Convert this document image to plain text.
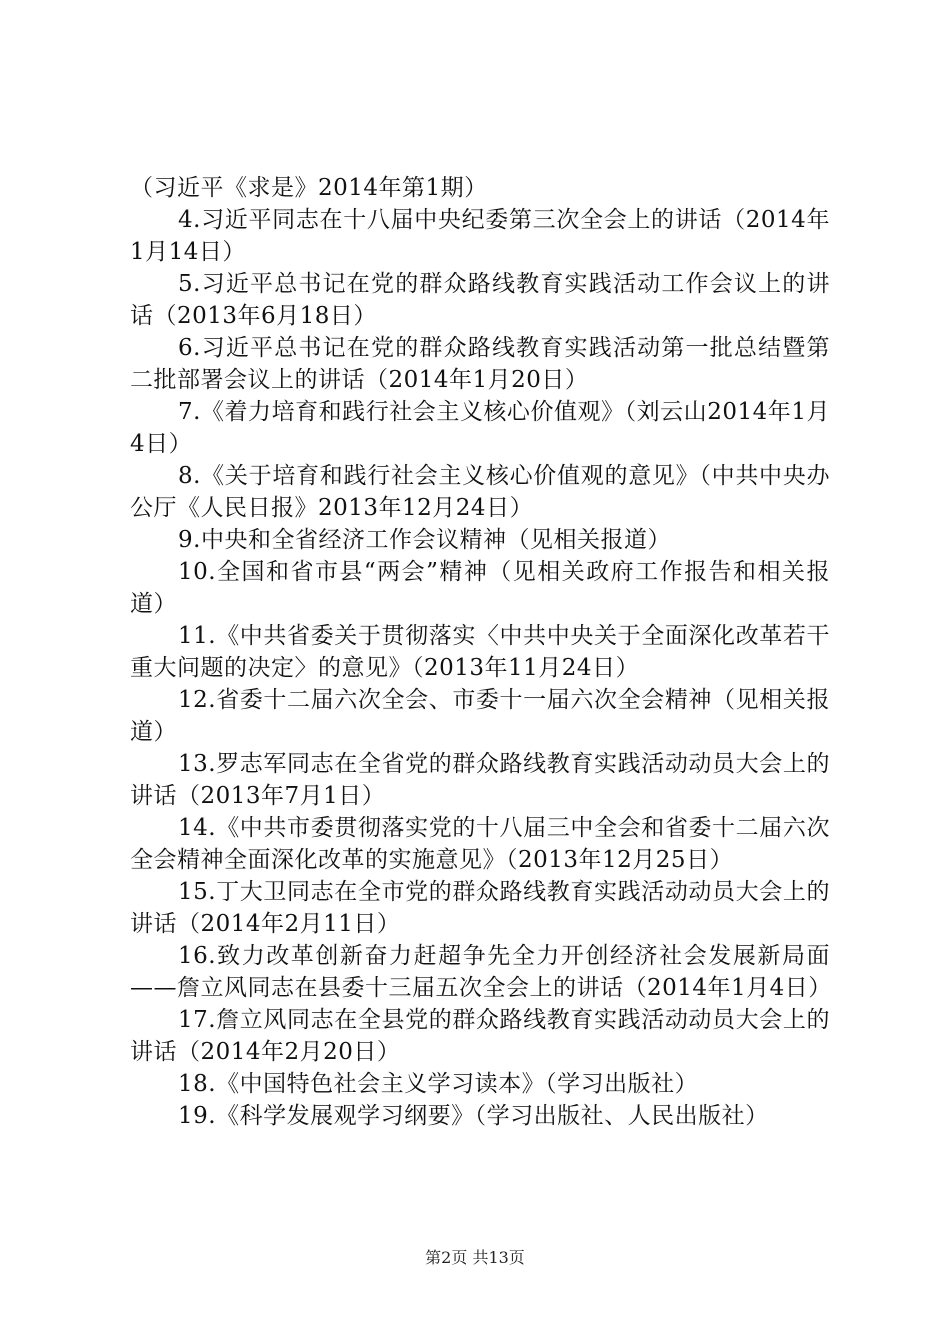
（习近平《求是》2014年第1期）

4.习近平同志在十八届中央纪委第三次全会上的讲话（2014年1月14日）

5.习近平总书记在党的群众路线教育实践活动工作会议上的讲话（2013年6月18日）

6.习近平总书记在党的群众路线教育实践活动第一批总结暨第二批部署会议上的讲话（2014年1月20日）

7.《着力培育和践行社会主义核心价值观》（刘云山2014年1月4日）

8.《关于培育和践行社会主义核心价值观的意见》（中共中央办公厅《人民日报》2013年12月24日）

9.中央和全省经济工作会议精神（见相关报道）

10.全国和省市县“两会”精神（见相关政府工作报告和相关报道）

11.《中共省委关于贯彻落实〈中共中央关于全面深化改革若干重大问题的决定〉的意见》（2013年11月24日）

12.省委十二届六次全会、市委十一届六次全会精神（见相关报道）

13.罗志军同志在全省党的群众路线教育实践活动动员大会上的讲话（2013年7月1日）

14.《中共市委贯彻落实党的十八届三中全会和省委十二届六次全会精神全面深化改革的实施意见》（2013年12月25日）

15.丁大卫同志在全市党的群众路线教育实践活动动员大会上的讲话（2014年2月11日）

16.致力改革创新奋力赶超争先全力开创经济社会发展新局面——詹立风同志在县委十三届五次全会上的讲话（2014年1月4日）

17.詹立风同志在全县党的群众路线教育实践活动动员大会上的讲话（2014年2月20日）

18.《中国特色社会主义学习读本》（学习出版社）

19.《科学发展观学习纲要》（学习出版社、人民出版社）

第2页 共13页
